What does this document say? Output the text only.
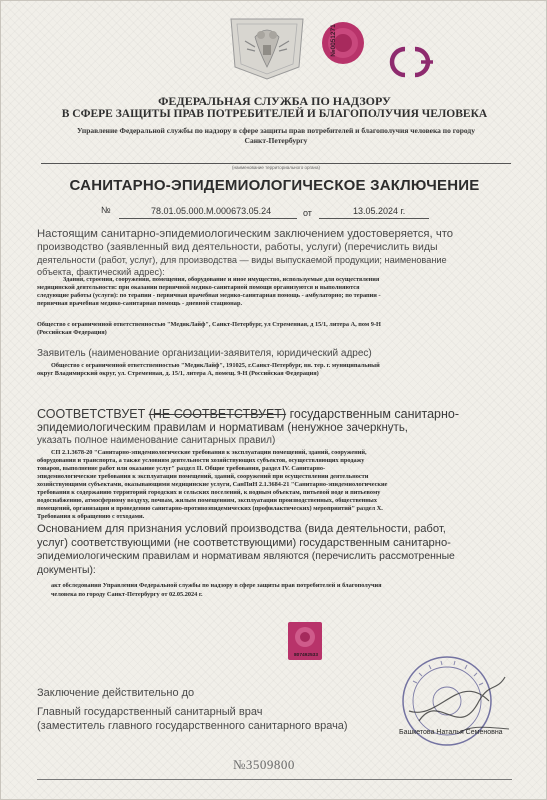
№0051271
ФЕДЕРАЛЬНАЯ СЛУЖБА ПО НАДЗОРУ
В СФЕРЕ ЗАЩИТЫ ПРАВ ПОТРЕБИТЕЛЕЙ И БЛАГОПОЛУЧИЯ ЧЕЛОВЕКА
Управление Федеральной службы по надзору в сфере защиты прав потребителей и благополучия человека по городу
Санкт-Петербургу
(наименование территориального органа)
САНИТАРНО-ЭПИДЕМИОЛОГИЧЕСКОЕ ЗАКЛЮЧЕНИЕ
№	78.01.05.000.М.000673.05.24	от	13.05.2024 г.
Настоящим санитарно-эпидемиологическим заключением удостоверяется, что
производство (заявленный вид деятельности, работы, услуги) (перечислить виды
деятельности (работ, услуг), для производства — виды выпускаемой продукции; наименование
объекта, фактический адрес):
Здания, строения, сооружения, помещения, оборудование и иное имущество, используемые для осуществления
медицинской деятельности: при оказании первичной медико-санитарной помощи организуются и выполняются
следующие работы (услуги): по терапии - первичная врачебная медико-санитарная помощь - амбулаторно; по терапии -
первичная врачебная медико-санитарная помощь - дневной стационар.
Общество с ограниченной ответственностью "МедикЛайф", Санкт-Петербург, ул Стременная, д 15/1, литера А, пом 9-Н
(Российская Федерация)
Заявитель (наименование организации-заявителя, юридический адрес)
Общество с ограниченной ответственностью "МедикЛайф", 191025, г.Санкт-Петербург, вн. тер. г. муниципальный
округ Владимирский округ, ул. Стременная, д. 15/1, литера А, помещ. 9-Н (Российская Федерация)
СООТВЕТСТВУЕТ (НЕ СООТВЕТСТВУЕТ) государственным санитарно-
эпидемиологическим правилам и нормативам (ненужное зачеркнуть,
указать полное наименование санитарных правил)
СП 2.1.3678-20 "Санитарно-эпидемиологические требования к эксплуатации помещений, зданий, сооружений,
оборудования и транспорта, а также условиям деятельности хозяйствующих субъектов, осуществляющих продажу
товаров, выполнение работ или оказание услуг" раздел II. Общие требования, раздел IV. Санитарно-
эпидемиологические требования к эксплуатации помещений, зданий, сооружений при осуществлении деятельности
хозяйствующими субъектами, оказывающими медицинские услуги, СанПиН 2.1.3684-21 "Санитарно-эпидемиологические
требования к содержанию территорий городских и сельских поселений, к водным объектам, питьевой воде и питьевому
водоснабжению, атмосферному воздуху, почвам, жилым помещениям, эксплуатации производственных, общественных
помещений, организации и проведению санитарно-противоэпидемических (профилактических) мероприятий" раздел Х.
Требования к обращению с отходами.
Основанием для признания условий производства (вида деятельности, работ,
услуг) соответствующими (не соответствующими) государственным санитарно-
эпидемиологическим правилам и нормативам являются (перечислить рассмотренные
документы):
акт обследования Управления Федеральной службы по надзору в сфере защиты прав потребителей и благополучия
человека по городу Санкт-Петербургу от 02.05.2024 г.
807492533
Заключение действительно до
Главный государственный санитарный врач
(заместитель главного государственного санитарного врача)
Башкетова Наталья Семеновна
№3509800
